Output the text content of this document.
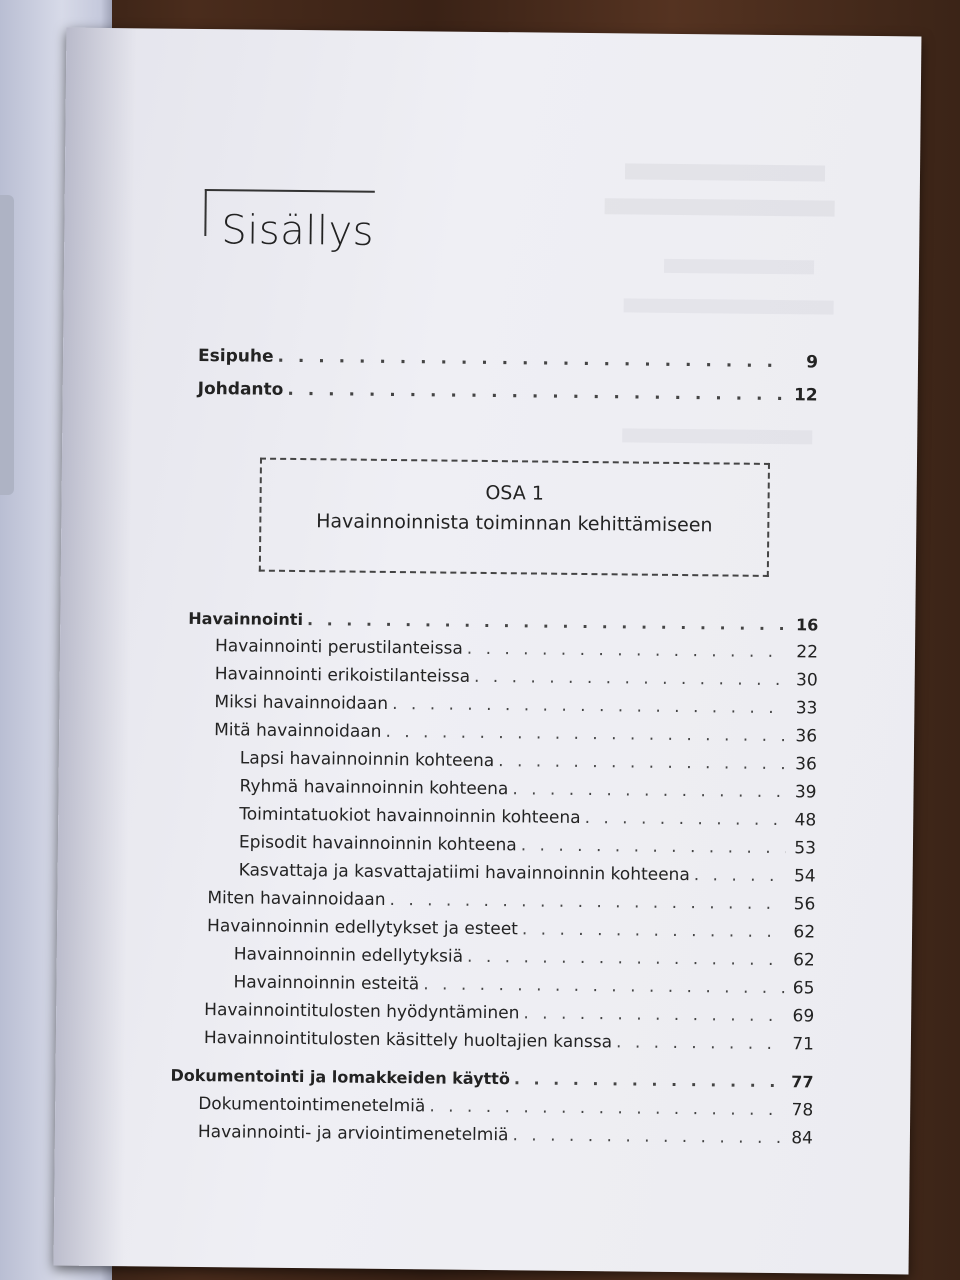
Sisällys
Esipuhe . . .	9
Johdanto . . .	12
OSA 1
Havainnoinnista toiminnan kehittämiseen
Havainnointi . . .	16
Havainnointi perustilanteissa . . .	22
Havainnointi erikoistilanteissa . . .	30
Miksi havainnoidaan . . .	33
Mitä havainnoidaan . . .	36
Lapsi havainnoinnin kohteena . . .	36
Ryhmä havainnoinnin kohteena . . .	39
Toimintatuokiot havainnoinnin kohteena . . .	48
Episodit havainnoinnin kohteena . . .	53
Kasvattaja ja kasvattajatiimi havainnoinnin kohteena . . .	54
Miten havainnoidaan . . .	56
Havainnoinnin edellytykset ja esteet . . .	62
Havainnoinnin edellytyksiä . . .	62
Havainnoinnin esteitä . . .	65
Havainnointitulosten hyödyntäminen . . .	69
Havainnointitulosten käsittely huoltajien kanssa . . .	71
Dokumentointi ja lomakkeiden käyttö . . .	77
Dokumentointimenetelmiä . . .	78
Havainnointi- ja arviointimenetelmiä . . .	84
